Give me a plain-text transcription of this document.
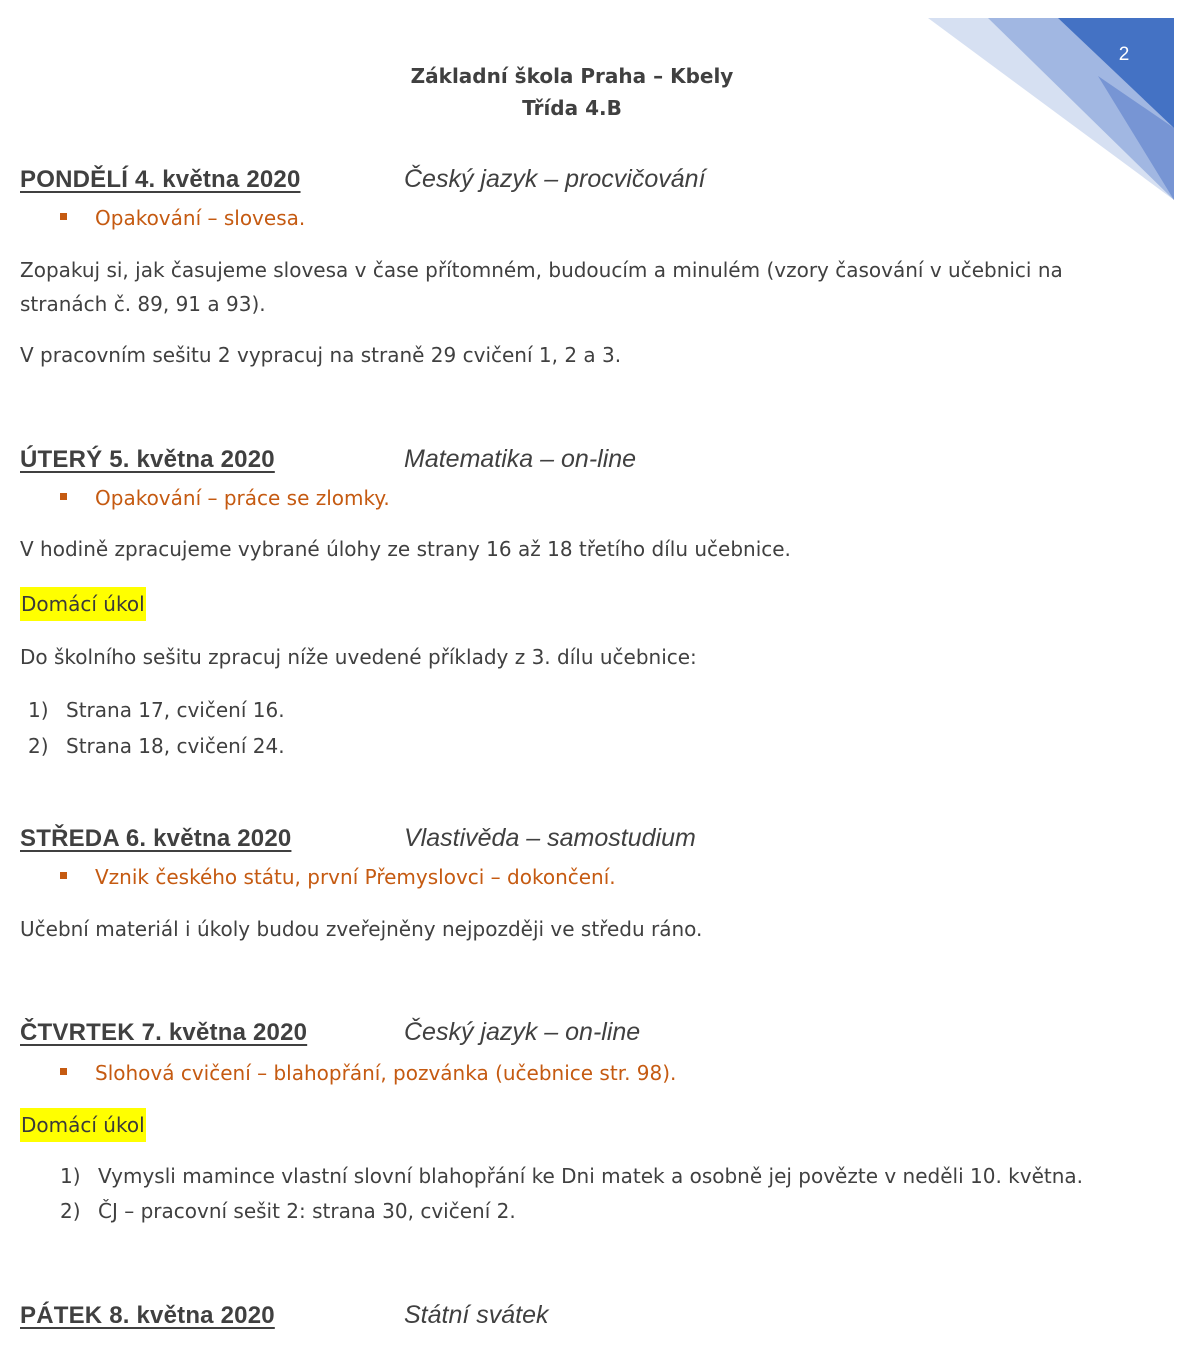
Základní škola Praha – Kbely
Třída 4.B
2
PONDĚLÍ 4. května 2020	Český jazyk – procvičování
Opakování – slovesa.
Zopakuj si, jak časujeme slovesa v čase přítomném, budoucím a minulém (vzory časování v učebnici na stranách č. 89, 91 a 93).
V pracovním sešitu 2 vypracuj na straně 29 cvičení 1, 2 a 3.
ÚTERÝ 5. května 2020	Matematika – on-line
Opakování – práce se zlomky.
V hodině zpracujeme vybrané úlohy ze strany 16 až 18 třetího dílu učebnice.
Domácí úkol
Do školního sešitu zpracuj níže uvedené příklady z 3. dílu učebnice:
1) Strana 17, cvičení 16.
2) Strana 18, cvičení 24.
STŘEDA 6. května 2020	Vlastivěda – samostudium
Vznik českého státu, první Přemyslovci – dokončení.
Učební materiál i úkoly budou zveřejněny nejpozději ve středu ráno.
ČTVRTEK 7. května 2020	Český jazyk – on-line
Slohová cvičení – blahopřání, pozvánka (učebnice str. 98).
Domácí úkol
1) Vymysli mamince vlastní slovní blahopřání ke Dni matek a osobně jej povězte v neděli 10. května.
2) ČJ – pracovní sešit 2: strana 30, cvičení 2.
PÁTEK 8. května 2020	Státní svátek
